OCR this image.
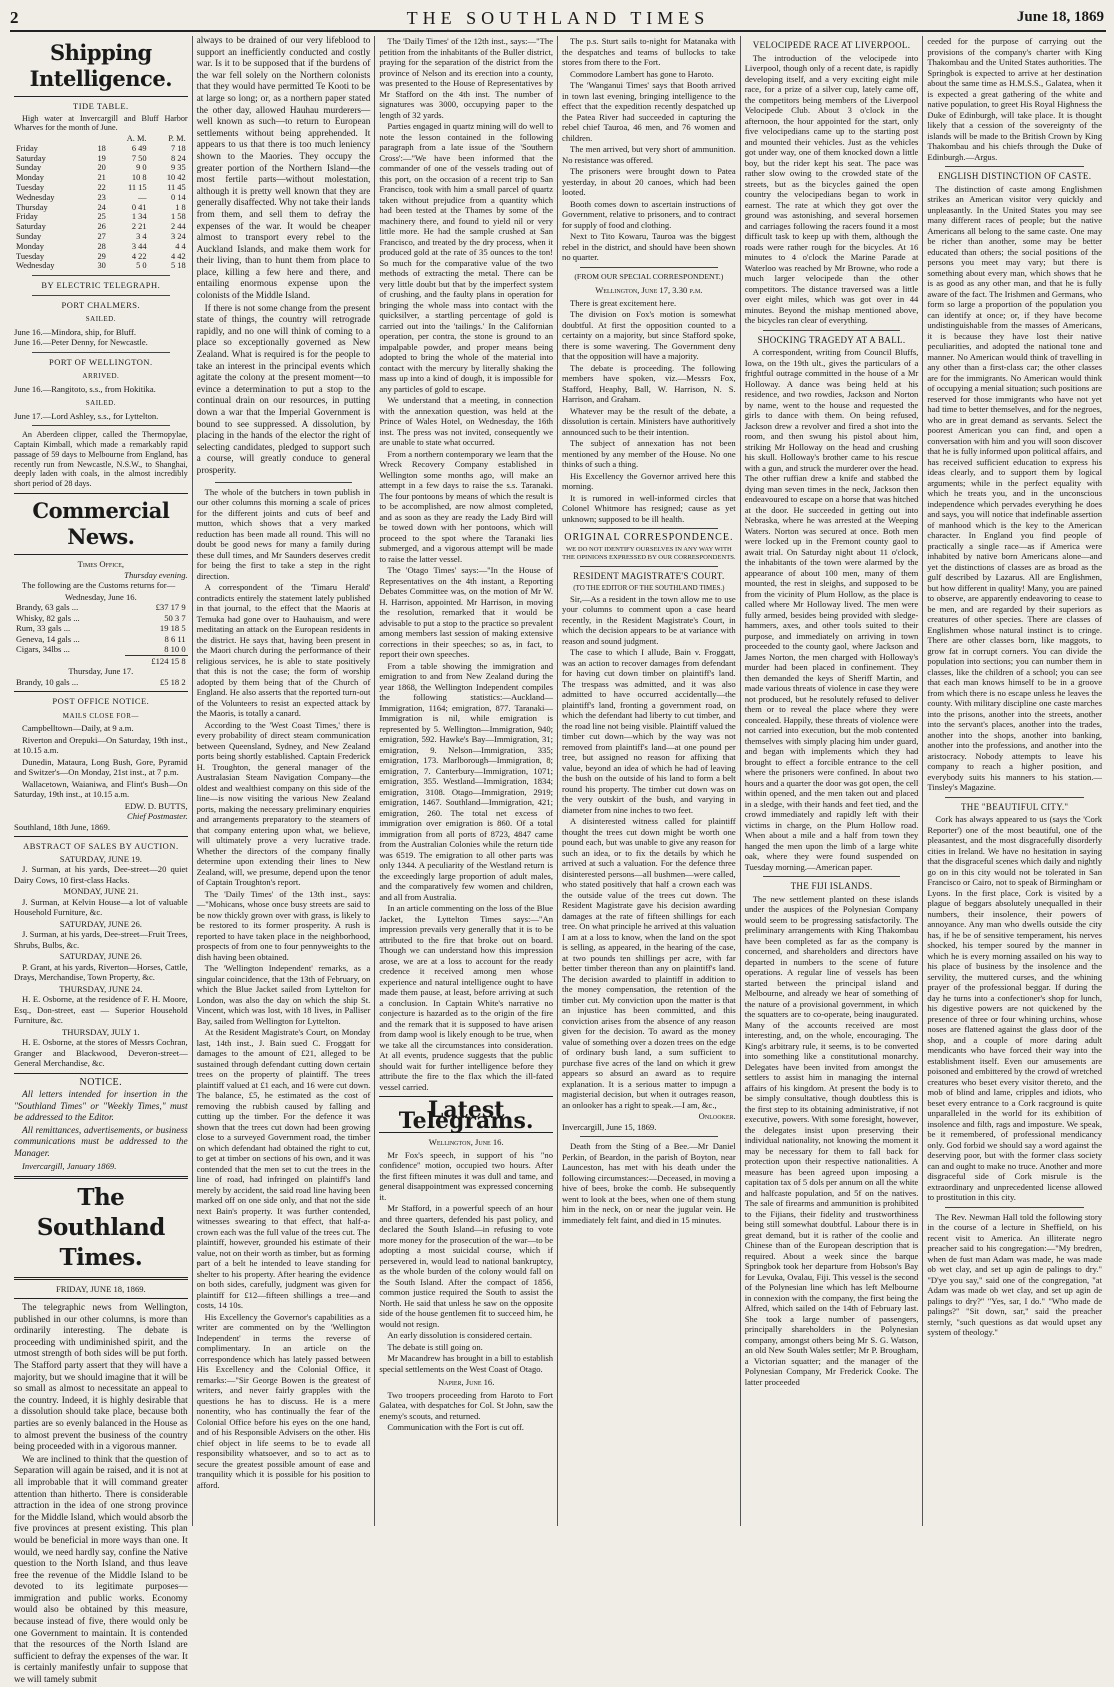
2	THE SOUTHLAND TIMES	June 18, 1869
Shipping Intelligence.
TIDE TABLE.

High water at Invercargill and Bluff Harbor Wharves for the month of June.

		A. M.	P. M.
Friday	18	6 49	7 18
Saturday	19	7 50	8 24
Sunday	20	9 0	9 35
Monday	21	10 8	10 42
Tuesday	22	11 15	11 45
Wednesday	23	—	0 14
Thursday	24	0 41	1 8
Friday	25	1 34	1 58
Saturday	26	2 21	2 44
Sunday	27	3 4	3 24
Monday	28	3 44	4 4
Tuesday	29	4 22	4 42
Wednesday	30	5 0	5 18
BY ELECTRIC TELEGRAPH.
PORT CHALMERS.
SAILED.
June 16.—Mindora, ship, for Bluff.
June 16.—Peter Denny, for Newcastle.
PORT OF WELLINGTON.
ARRIVED.
June 16.—Rangitoto, s.s., from Hokitika.
SAILED.
June 17.—Lord Ashley, s.s., for Lyttelton.

An Aberdeen clipper, called the Thermopylae, Captain Kimball, which made a remarkably rapid passage of 59 days to Melbourne from England, has recently run from Newcastle, N.S.W., to Shanghai, deeply laden with coals, in the almost incredibly short period of 28 days.

Commercial News.
Times Office,
Thursday evening.

The following are the Customs returns for—

Wednesday, June 16.
Brandy, 63 gals ...	£37 17 9
Whisky, 82 gals ...	50 3 7
Rum, 33 gals ...	19 18 5
Geneva, 14 gals ...	8 6 11
Cigars, 34lbs ...	8 10 0
	£124 15 8
Thursday, June 17.
Brandy, 10 gals ...	£5 18 2
POST OFFICE NOTICE.
MAILS CLOSE FOR—

Campbelltown—Daily, at 9 a.m.

Riverton and Orepuki—On Saturday, 19th inst., at 10.15 a.m.

Dunedin, Mataura, Long Bush, Gore, Pyramid and Switzer's—On Monday, 21st inst., at 7 p.m.

Wallacetown, Waianiwa, and Flint's Bush—On Saturday, 19th inst., at 10.15 a.m.

EDW. D. BUTTS,
Chief Postmaster.
Southland, 18th June, 1869.
ABSTRACT OF SALES BY AUCTION.
SATURDAY, JUNE 19.

J. Surman, at his yards, Dee-street—20 quiet Dairy Cows, 10 first-class Hacks.

MONDAY, JUNE 21.

J. Surman, at Kelvin House—a lot of valuable Household Furniture, &c.

SATURDAY, JUNE 26.

J. Surman, at his yards, Dee-street—Fruit Trees, Shrubs, Bulbs, &c.

SATURDAY, JUNE 26.

P. Grant, at his yards, Riverton—Horses, Cattle, Drays, Merchandise, Town Property, &c.

THURSDAY, JUNE 24.

H. E. Osborne, at the residence of F. H. Moore, Esq., Don-street, east — Superior Household Furniture, &c.

THURSDAY, JULY 1.

H. E. Osborne, at the stores of Messrs Cochran, Granger and Blackwood, Deveron-street—General Merchandise, &c.

NOTICE.

All letters intended for insertion in the "Southland Times" or "Weekly Times," must be addressed to the Editor.

All remittances, advertisements, or business communications must be addressed to the Manager.

Invercargill, January 1869.

The Southland Times.
FRIDAY, JUNE 18, 1869.

The telegraphic news from Wellington, published in our other columns, is more than ordinarily interesting. The debate is proceeding with undiminished spirit, and the utmost strength of both sides will be put forth. The Stafford party assert that they will have a majority, but we should imagine that it will be so small as almost to necessitate an appeal to the country. Indeed, it is highly desirable that a dissolution should take place, because both parties are so evenly balanced in the House as to almost prevent the business of the country being proceeded with in a vigorous manner.

We are inclined to think that the question of Separation will again be raised, and it is not at all improbable that it will command greater attention than hitherto. There is considerable attraction in the idea of one strong province for the Middle Island, which would absorb the five provinces at present existing. This plan would be beneficial in more ways than one. It would, we need hardly say, confine the Native question to the North Island, and thus leave free the revenue of the Middle Island to be devoted to its legitimate purposes—immigration and public works. Economy would also be obtained by this measure, because instead of five, there would only be one Government to maintain. It is contended that the resources of the North Island are sufficient to defray the expenses of the war. It is certainly manifestly unfair to suppose that we will tamely submit

always to be drained of our very lifeblood to support an inefficiently conducted and costly war. Is it to be supposed that if the burdens of the war fell solely on the Northern colonists that they would have permitted Te Kooti to be at large so long; or, as a northern paper stated the other day, allowed Hauhau murderers—well known as such—to return to European settlements without being apprehended. It appears to us that there is too much leniency shown to the Maories. They occupy the greater portion of the Northern Island—the most fertile parts—without molestation, although it is pretty well known that they are generally disaffected. Why not take their lands from them, and sell them to defray the expenses of the war. It would be cheaper almost to transport every rebel to the Auckland Islands, and make them work for their living, than to hunt them from place to place, killing a few here and there, and entailing enormous expense upon the colonists of the Middle Island.

If there is not some change from the present state of things, the country will retrograde rapidly, and no one will think of coming to a place so exceptionally governed as New Zealand. What is required is for the people to take an interest in the principal events which agitate the colony at the present moment—to evince a determination to put a stop to the continual drain on our resources, in putting down a war that the Imperial Government is bound to see suppressed. A dissolution, by placing in the hands of the elector the right of selecting candidates, pledged to support such a course, will greatly conduce to general prosperity.

The whole of the butchers in town publish in our other columns this morning a scale of prices for the different joints and cuts of beef and mutton, which shows that a very marked reduction has been made all round. This will no doubt be good news for many a family during these dull times, and Mr Saunders deserves credit for being the first to take a step in the right direction.

A correspondent of the 'Timaru Herald' contradicts entirely the statement lately published in that journal, to the effect that the Maoris at Temuka had gone over to Hauhauism, and were meditating an attack on the European residents in the district. He says that, having been present in the Maori church during the performance of their religious services, he is able to state positively that this is not the case; the form of worship adopted by them being that of the Church of England. He also asserts that the reported turn-out of the Volunteers to resist an expected attack by the Maoris, is totally a canard.

According to the 'West Coast Times,' there is every probability of direct steam communication between Queensland, Sydney, and New Zealand ports being shortly established. Captain Frederick H. Troughton, the general manager of the Australasian Steam Navigation Company—the oldest and wealthiest company on this side of the line—is now visiting the various New Zealand ports, making the necessary preliminary enquiries and arrangements preparatory to the steamers of that company entering upon what, we believe, will ultimately prove a very lucrative trade. Whether the directors of the company finally determine upon extending their lines to New Zealand, will, we presume, depend upon the tenor of Captain Troughton's report.

The 'Daily Times' of the 13th inst., says:—"Mohicans, whose once busy streets are said to be now thickly grown over with grass, is likely to be restored to its former prosperity. A rush is reported to have taken place in the neighborhood, prospects of from one to four pennyweights to the dish having been obtained.

The 'Wellington Independent' remarks, as a singular coincidence, that the 13th of February, on which the Blue Jacket sailed from Lyttelton for London, was also the day on which the ship St. Vincent, which was lost, with 18 lives, in Palliser Bay, sailed from Wellington for Lyttelton.

At the Resident Magistrate's Court, on Monday last, 14th inst., J. Bain sued C. Froggatt for damages to the amount of £21, alleged to be sustained through defendant cutting down certain trees on the property of plaintiff. The trees plaintiff valued at £1 each, and 16 were cut down. The balance, £5, he estimated as the cost of removing the rubbish caused by falling and cutting up the timber. For the defence it was shown that the trees cut down had been growing close to a surveyed Government road, the timber on which defendant had obtained the right to cut, to get at timber on sections of his own, and it was contended that the men set to cut the trees in the line of road, had infringed on plaintiff's land merely by accident, the said road line having been marked off on one side only, and that not the side next Bain's property. It was further contended, witnesses swearing to that effect, that half-a-crown each was the full value of the trees cut. The plaintiff, however, grounded his estimate of their value, not on their worth as timber, but as forming part of a belt he intended to leave standing for shelter to his property. After hearing the evidence on both sides, carefully, judgment was given for plaintiff for £12—fifteen shillings a tree—and costs, 14 10s.

His Excellency the Governor's capabilities as a writer are commented on by the 'Wellington Independent' in terms the reverse of complimentary. In an article on the correspondence which has lately passed between His Excellency and the Colonial Office, it remarks:—"Sir George Bowen is the greatest of writers, and never fairly grapples with the questions he has to discuss. He is a mere nonentity, who has continually the fear of the Colonial Office before his eyes on the one hand, and of his Responsible Advisers on the other. His chief object in life seems to be to evade all responsibility whatsoever, and so to act as to secure the greatest possible amount of ease and tranquility which it is possible for his position to afford.

The 'Daily Times' of the 12th inst., says:—"The petition from the inhabitants of the Buller district, praying for the separation of the district from the province of Nelson and its erection into a county, was presented to the House of Representatives by Mr Stafford on the 4th inst. The number of signatures was 3000, occupying paper to the length of 32 yards.

Parties engaged in quartz mining will do well to note the lesson contained in the following paragraph from a late issue of the 'Southern Cross':—"We have been informed that the commander of one of the vessels trading out of this port, on the occasion of a recent trip to San Francisco, took with him a small parcel of quartz taken without prejudice from a quantity which had been tested at the Thames by some of the machinery there, and found to yield nil or very little more. He had the sample crushed at San Francisco, and treated by the dry process, when it produced gold at the rate of 35 ounces to the ton! So much for the comparative value of the two methods of extracting the metal. There can be very little doubt but that by the imperfect system of crushing, and the faulty plans in operation for bringing the whole mass into contact with the quicksilver, a startling percentage of gold is carried out into the 'tailings.' In the Californian operation, per contra, the stone is ground to an impalpable powder, and proper means being adopted to bring the whole of the material into contact with the mercury by literally shaking the mass up into a kind of dough, it is impossible for any particles of gold to escape.

We understand that a meeting, in connection with the annexation question, was held at the Prince of Wales Hotel, on Wednesday, the 16th inst. The press was not invited, consequently we are unable to state what occurred.

From a northern contemporary we learn that the Wreck Recovery Company established in Wellington some months ago, will make an attempt in a few days to raise the s.s. Taranaki. The four pontoons by means of which the result is to be accomplished, are now almost completed, and as soon as they are ready the Lady Bird will be towed down with her pontoons, which will proceed to the spot where the Taranaki lies submerged, and a vigorous attempt will be made to raise the latter vessel.

The 'Otago Times' says:—"In the House of Representatives on the 4th instant, a Reporting Debates Committee was, on the motion of Mr W. H. Harrison, appointed. Mr Harrison, in moving the resolution, remarked that it would be advisable to put a stop to the practice so prevalent among members last session of making extensive corrections in their speeches; so as, in fact, to report their own speeches.

From a table showing the immigration and emigration to and from New Zealand during the year 1868, the Wellington Independent compiles the following statistics:—Auckland—Immigration, 1164; emigration, 877. Taranaki—Immigration is nil, while emigration is represented by 5. Wellington—Immigration, 940; emigration, 592. Hawke's Bay—Immigration, 31; emigration, 9. Nelson—Immigration, 335; emigration, 173. Marlborough—Immigration, 8; emigration, 7. Canterbury—Immigration, 1071; emigration, 355. Westland—Immigration, 1834; emigration, 3108. Otago—Immigration, 2919; emigration, 1467. Southland—Immigration, 421; emigration, 260. The total net excess of immigration over emigration is 860. Of a total immigration from all ports of 8723, 4847 came from the Australian Colonies while the return tide was 6519. The emigration to all other parts was only 1344. A peculiarity of the Westland return is the exceedingly large proportion of adult males, and the comparatively few women and children, and all from Australia.

In an article commenting on the loss of the Blue Jacket, the Lyttelton Times says:—"An impression prevails very generally that it is to be attributed to the fire that broke out on board. Though we can understand how this impression arose, we are at a loss to account for the ready credence it received among men whose experience and natural intelligence ought to have made them pause, at least, before arriving at such a conclusion. In Captain White's narrative no conjecture is hazarded as to the origin of the fire and the remark that it is supposed to have arisen from damp wool is likely enough to be true, when we take all the circumstances into consideration. At all events, prudence suggests that the public should wait for further intelligence before they attribute the fire to the flax which the ill-fated vessel carried.

Latest Telegrams.
Wellington, June 16.

Mr Fox's speech, in support of his "no confidence" motion, occupied two hours. After the first fifteen minutes it was dull and tame, and general disappointment was expressed concerning it.

Mr Stafford, in a powerful speech of an hour and three quarters, defended his past policy, and declared the South Island—in refusing to vote more money for the prosecution of the war—to be adopting a most suicidal course, which if persevered in, would lead to national bankruptcy, as the whole burden of the colony would fall on the South Island. After the compact of 1856, common justice required the South to assist the North. He said that unless he saw on the opposite side of the house gentlemen fit to succeed him, he would not resign.

An early dissolution is considered certain.

The debate is still going on.

Mr Macandrew has brought in a bill to establish special settlements on the West Coast of Otago.

Napier, June 16.

Two troopers proceeding from Haroto to Fort Galatea, with despatches for Col. St John, saw the enemy's scouts, and returned.

Communication with the Fort is cut off.

The p.s. Sturt sails to-night for Matanaka with the despatches and teams of bullocks to take stores from there to the Fort.

Commodore Lambert has gone to Haroto.

The 'Wanganui Times' says that Booth arrived in town last evening, bringing intelligence to the effect that the expedition recently despatched up the Patea River had succeeded in capturing the rebel chief Tauroa, 46 men, and 76 women and children.

The men arrived, but very short of ammunition. No resistance was offered.

The prisoners were brought down to Patea yesterday, in about 20 canoes, which had been looted.

Booth comes down to ascertain instructions of Government, relative to prisoners, and to contract for supply of food and clothing.

Next to Tito Kowaru, Tauroa was the biggest rebel in the district, and should have been shown no quarter.

(FROM OUR SPECIAL CORRESPONDENT.)
Wellington, June 17, 3.30 p.m.

There is great excitement here.

The division on Fox's motion is somewhat doubtful. At first the opposition counted to a certainty on a majority, but since Stafford spoke, there is some wavering. The Government deny that the opposition will have a majority.

The debate is proceeding. The following members have spoken, viz.—Messrs Fox, Stafford, Heaphy, Ball, W. Harrison, N. S. Harrison, and Graham.

Whatever may be the result of the debate, a dissolution is certain. Ministers have authoritively announced such to be their intention.

The subject of annexation has not been mentioned by any member of the House. No one thinks of such a thing.

His Excellency the Governor arrived here this morning.

It is rumored in well-informed circles that Colonel Whitmore has resigned; cause as yet unknown; supposed to be ill health.

ORIGINAL CORRESPONDENCE.
WE DO NOT IDENTIFY OURSELVES IN ANY WAY WITH THE OPINIONS EXPRESSED BY OUR CORRESPONDENTS.
RESIDENT MAGISTRATE'S COURT.
(TO THE EDITOR OF THE SOUTHLAND TIMES.)

Sir,—As a resident in the town allow me to use your columns to comment upon a case heard recently, in the Resident Magistrate's Court, in which the decision appears to be at variance with reason and sound judgment.

The case to which I allude, Bain v. Froggatt, was an action to recover damages from defendant for having cut down timber on plaintiff's land. The trespass was admitted, and it was also admitted to have occurred accidentally—the plaintiff's land, fronting a government road, on which the defendant had liberty to cut timber, and the road line not being visible. Plaintiff valued the timber cut down—which by the way was not removed from plaintiff's land—at one pound per tree, but assigned no reason for affixing that value, beyond an idea of which he had of leaving the bush on the outside of his land to form a belt round his property. The timber cut down was on the very outskirt of the bush, and varying in diameter from nine inches to two feet.

A disinterested witness called for plaintiff thought the trees cut down might be worth one pound each, but was unable to give any reason for such an idea, or to fix the details by which he arrived at such a valuation. For the defence three disinterested persons—all bushmen—were called, who stated positively that half a crown each was the outside value of the trees cut down. The Resident Magistrate gave his decision awarding damages at the rate of fifteen shillings for each tree. On what principle he arrived at this valuation I am at a loss to know, when the land on the spot is selling, as appeared, in the hearing of the case, at two pounds ten shillings per acre, with far better timber thereon than any on plaintiff's land. The decision awarded to plaintiff in addition to the money compensation, the retention of the timber cut. My conviction upon the matter is that an injustice has been committed, and this conviction arises from the absence of any reason given for the decision. To award as the money value of something over a dozen trees on the edge of ordinary bush land, a sum sufficient to purchase five acres of the land on which it grew appears so absurd an award as to require explanation. It is a serious matter to impugn a magisterial decision, but when it outrages reason, an onlooker has a right to speak.—I am, &c.,

Onlooker.
Invercargill, June 15, 1869.

Death from the Sting of a Bee.—Mr Daniel Perkin, of Beardon, in the parish of Boyton, near Launceston, has met with his death under the following circumstances:—Deceased, in moving a hive of bees, broke the comb. He subsequently went to look at the bees, when one of them stung him in the neck, on or near the jugular vein. He immediately felt faint, and died in 15 minutes.

VELOCIPEDE RACE AT LIVERPOOL.

The introduction of the velocipede into Liverpool, though only of a recent date, is rapidly developing itself, and a very exciting eight mile race, for a prize of a silver cup, lately came off, the competitors being members of the Liverpool Velocipede Club. About 3 o'clock in the afternoon, the hour appointed for the start, only five velocipedians came up to the starting post and mounted their vehicles. Just as the vehicles got under way, one of them knocked down a little boy, but the rider kept his seat. The pace was rather slow owing to the crowded state of the streets, but as the bicycles gained the open country the velocipedians began to work in earnest. The rate at which they got over the ground was astonishing, and several horsemen and carriages following the racers found it a most difficult task to keep up with them, although the roads were rather rough for the bicycles. At 16 minutes to 4 o'clock the Marine Parade at Waterloo was reached by Mr Browne, who rode a much larger velocipede than the other competitors. The distance traversed was a little over eight miles, which was got over in 44 minutes. Beyond the mishap mentioned above, the bicycles ran clear of everything.

SHOCKING TRAGEDY AT A BALL.

A correspondent, writing from Council Bluffs, Iowa, on the 19th ult., gives the particulars of a frightful outrage committed in the house of a Mr Holloway. A dance was being held at his residence, and two rowdies, Jackson and Norton by name, went to the house and requested the girls to dance with them. On being refused, Jackson drew a revolver and fired a shot into the room, and then swung his pistol about him, striking Mr Holloway on the head and crushing his skull. Holloway's brother came to his rescue with a gun, and struck the murderer over the head. The other ruffian drew a knife and stabbed the dying man seven times in the neck, Jackson then endeavoured to escape on a horse that was hitched at the door. He succeeded in getting out into Nebraska, where he was arrested at the Weeping Waters. Norton was secured at once. Both men were locked up in the Fremont county gaol to await trial. On Saturday night about 11 o'clock, the inhabitants of the town were alarmed by the appearance of about 100 men, many of them mounted, the rest in sleighs, and supposed to be from the vicinity of Plum Hollow, as the place is called where Mr Holloway lived. The men were fully armed, besides being provided with sledge-hammers, axes, and other tools suited to their purpose, and immediately on arriving in town proceeded to the county gaol, where Jackson and James Norton, the men charged with Holloway's murder had been placed in confinement. They then demanded the keys of Sheriff Martin, and made various threats of violence in case they were not produced, but he resolutely refused to deliver them or to reveal the place where they were concealed. Happily, these threats of violence were not carried into execution, but the mob contented themselves with simply placing him under guard, and began with implements which they had brought to effect a forcible entrance to the cell where the prisoners were confined. In about two hours and a quarter the door was got open, the cell within opened, and the men taken out and placed in a sledge, with their hands and feet tied, and the crowd immediately and rapidly left with their victims in charge, on the Plum Hollow road. When about a mile and a half from town they hanged the men upon the limb of a large white oak, where they were found suspended on Tuesday morning.—American paper.

THE FIJI ISLANDS.

The new settlement planted on these islands under the auspices of the Polynesian Company would seem to be progressing satisfactorily. The preliminary arrangements with King Thakombau have been completed as far as the company is concerned, and shareholders and directors have departed in numbers to the scene of future operations. A regular line of vessels has been started between the principal island and Melbourne, and already we hear of something of the nature of a provisional government, in which the squatters are to co-operate, being inaugurated. Many of the accounts received are most interesting, and, on the whole, encouraging. The King's arbitrary rule, it seems, is to be converted into something like a constitutional monarchy. Delegates have been invited from amongst the settlers to assist him in managing the internal affairs of his kingdom. At present the body is to be simply consultative, though doubtless this is the first step to its obtaining administrative, if not executive, powers. With some foresight, however, the delegates insist upon preserving their individual nationality, not knowing the moment it may be necessary for them to fall back for protection upon their respective nationalities. A measure has been agreed upon imposing a capitation tax of 5 dols per annum on all the white and halfcaste population, and 5f on the natives. The sale of firearms and ammunition is prohibited to the Fijians, their fidelity and trustworthiness being still somewhat doubtful. Labour there is in great demand, but it is rather of the coolie and Chinese than of the European description that is required. About a week since the barque Springbok took her departure from Hobson's Bay for Levuka, Ovalau, Fiji. This vessel is the second of the Polynesian line which has left Melbourne in connexion with the company, the first being the Alfred, which sailed on the 14th of February last. She took a large number of passengers, principally shareholders in the Polynesian company, amongst others being Mr S. G. Watson, an old New South Wales settler; Mr P. Brougham, a Victorian squatter; and the manager of the Polynesian Company, Mr Frederick Cooke. The latter proceeded

ceeded for the purpose of carrying out the provisions of the company's charter with King Thakombau and the United States authorities. The Springbok is expected to arrive at her destination about the same time as H.M.S.S., Galatea, when it is expected a great gathering of the white and native population, to greet His Royal Highness the Duke of Edinburgh, will take place. It is thought likely that a cession of the sovereignty of the islands will be made to the British Crown by King Thakombau and his chiefs through the Duke of Edinburgh.—Argus.

ENGLISH DISTINCTION OF CASTE.

The distinction of caste among Englishmen strikes an American visitor very quickly and unpleasantly. In the United States you may see many different races of people; but the native Americans all belong to the same caste. One may be richer than another, some may be better educated than others; the social positions of the persons you meet may vary; but there is something about every man, which shows that he is as good as any other man, and that he is fully aware of the fact. The Irishmen and Germans, who form so large a proportion of the population you can identify at once; or, if they have become undistinguishable from the masses of Americans, it is because they have lost their native peculiarities, and adopted the national tone and manner. No American would think of travelling in any other than a first-class car; the other classes are for the immigrants. No American would think of occupying a menial situation; such positions are reserved for those immigrants who have not yet had time to better themselves, and for the negroes, who are in great demand as servants. Select the poorest American you can find, and open a conversation with him and you will soon discover that he is fully informed upon political affairs, and has received sufficient education to express his ideas clearly, and to support them by logical arguments; while in the perfect equality with which he treats you, and in the unconscious independence which pervades everything he does and says, you will notice that indefinable assertion of manhood which is the key to the American character. In England you find people of practically a single race—as if America were inhabited by native born Americans alone—and yet the distinctions of classes are as broad as the gulf described by Lazarus. All are Englishmen, but how different in quality! Many, you are pained to observe, are apparently endeavoring to cease to be men, and are regarded by their superiors as creatures of other species. There are classes of Englishmen whose natural instinct is to cringe. There are other classes born, like maggots, to grow fat in corrupt corners. You can divide the population into sections; you can number them in classes, like the children of a school; you can see that each man knows himself to be in a groove from which there is no escape unless he leaves the county. With military discipline one caste marches into the prisons, another into the streets, another into the servant's places, another into the trades, another into the shops, another into banking, another into the professions, and another into the aristocracy. Nobody attempts to leave his company to reach a higher position, and everybody suits his manners to his station.—Tinsley's Magazine.

THE "BEAUTIFUL CITY."

Cork has always appeared to us (says the 'Cork Reporter') one of the most beautiful, one of the pleasantest, and the most disgracefully disorderly cities in Ireland. We have no hesitation in saying that the disgraceful scenes which daily and nightly go on in this city would not be tolerated in San Francisco or Cairo, not to speak of Birmingham or Lyons. In the first place, Cork is visited by a plague of beggars absolutely unequalled in their numbers, their insolence, their powers of annoyance. Any man who dwells outside the city has, if he be of sensitive temperament, his nerves shocked, his temper soured by the manner in which he is every morning assailed on his way to his place of business by the insolence and the servility, the muttered curses, and the whining prayer of the professional beggar. If during the day he turns into a confectioner's shop for lunch, his digestive powers are not quickened by the presence of three or four whining urchins, whose noses are flattened against the glass door of the shop, and a couple of more daring adult mendicants who have forced their way into the establishment itself. Even our amusements are poisoned and embittered by the crowd of wretched creatures who beset every visitor thereto, and the mob of blind and lame, cripples and idiots, who beset every entrance to a Cork racground is quite unparalleled in the world for its exhibition of insolence and filth, rags and imposture. We speak, be it remembered, of professional mendicancy only. God forbid we should say a word against the deserving poor, but with the former class society can and ought to make no truce. Another and more disgraceful side of Cork misrule is the extraordinary and unprecedented license allowed to prostitution in this city.

The Rev. Newman Hall told the following story in the course of a lecture in Sheffield, on his recent visit to America. An illiterate negro preacher said to his congregation:—"My bredren, when de fust man Adam was made, he was made ob wet clay, and set up agin de palings to dry." "D'ye you say," said one of the congregation, "at Adam was made ob wet clay, and set up agin de palings to dry?" "Yes, sar, I do." "Who made de palings?" "Sit down, sar," said the preacher sternly, "such questions as dat would upset any system of theology."
